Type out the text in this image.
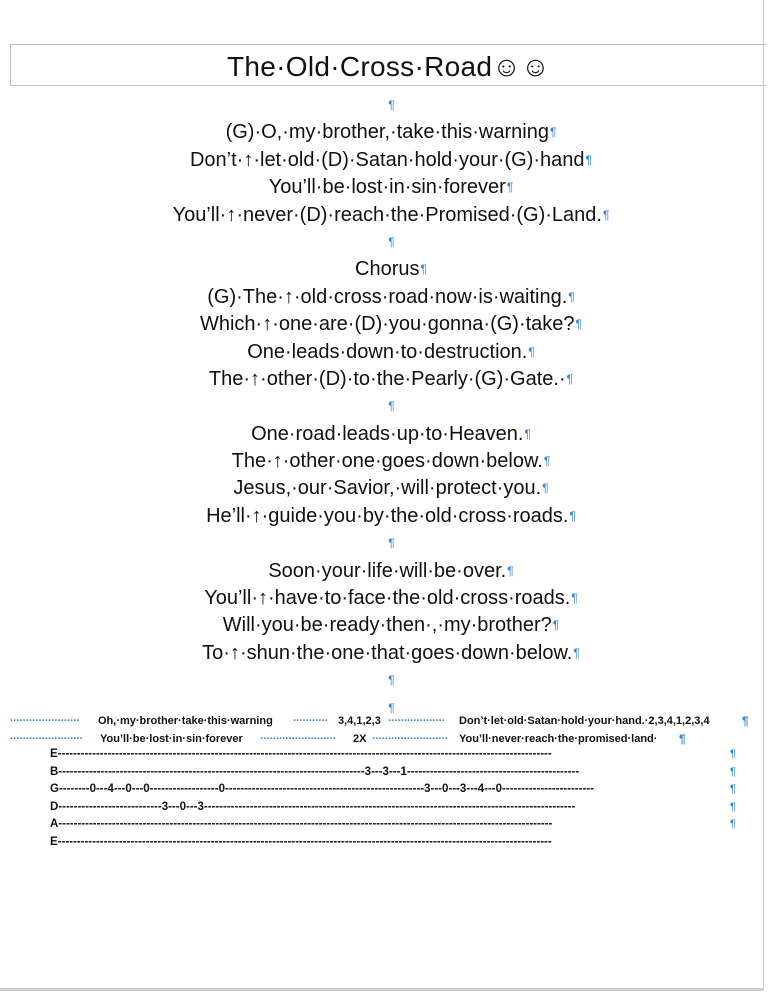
The·Old·Cross·Road☺☺
¶
(G)·O,·my·brother,·take·this·warning¶
Don’t·↑·let·old·(D)·Satan·hold·your·(G)·hand¶
You’ll·be·lost·in·sin·forever¶
You’ll·↑·never·(D)·reach·the·Promised·(G)·Land.¶
¶
Chorus¶
(G)·The·↑·old·cross·road·now·is·waiting.¶
Which·↑·one·are·(D)·you·gonna·(G)·take?¶
One·leads·down·to·destruction.¶
The·↑·other·(D)·to·the·Pearly·(G)·Gate.·¶
¶
One·road·leads·up·to·Heaven.¶
The·↑·other·one·goes·down·below.¶
Jesus,·our·Savior,·will·protect·you.¶
He’ll·↑·guide·you·by·the·old·cross·roads.¶
¶
Soon·your·life·will·be·over.¶
You’ll·↑·have·to·face·the·old·cross·roads.¶
Will·you·be·ready·then·,·my·brother?¶
To·↑·shun·the·one·that·goes·down·below.¶
¶
¶
······················ Oh,·my·brother·take·this·warning ··········· 3,4,1,2,3 ·················· Don’t·let·old·Satan·hold·your·hand.·2,3,4,1,2,3,4	¶
······················· You’ll·be·lost·in·sin·forever ························ 2X ························ You’ll·never·reach·the·promised·land· ¶
E---------------------------------------------------------------------------------------------------------------------------------	¶
B--------------------------------------------------------------------------------3---3---1---------------------------------------------	¶
G--------0---4---0---0------------------0----------------------------------------------------3---0---3---4---0------------------------	¶
D---------------------------3---0---3-------------------------------------------------------------------------------------------------	¶
A---------------------------------------------------------------------------------------------------------------------------------	¶
E---------------------------------------------------------------------------------------------------------------------------------
